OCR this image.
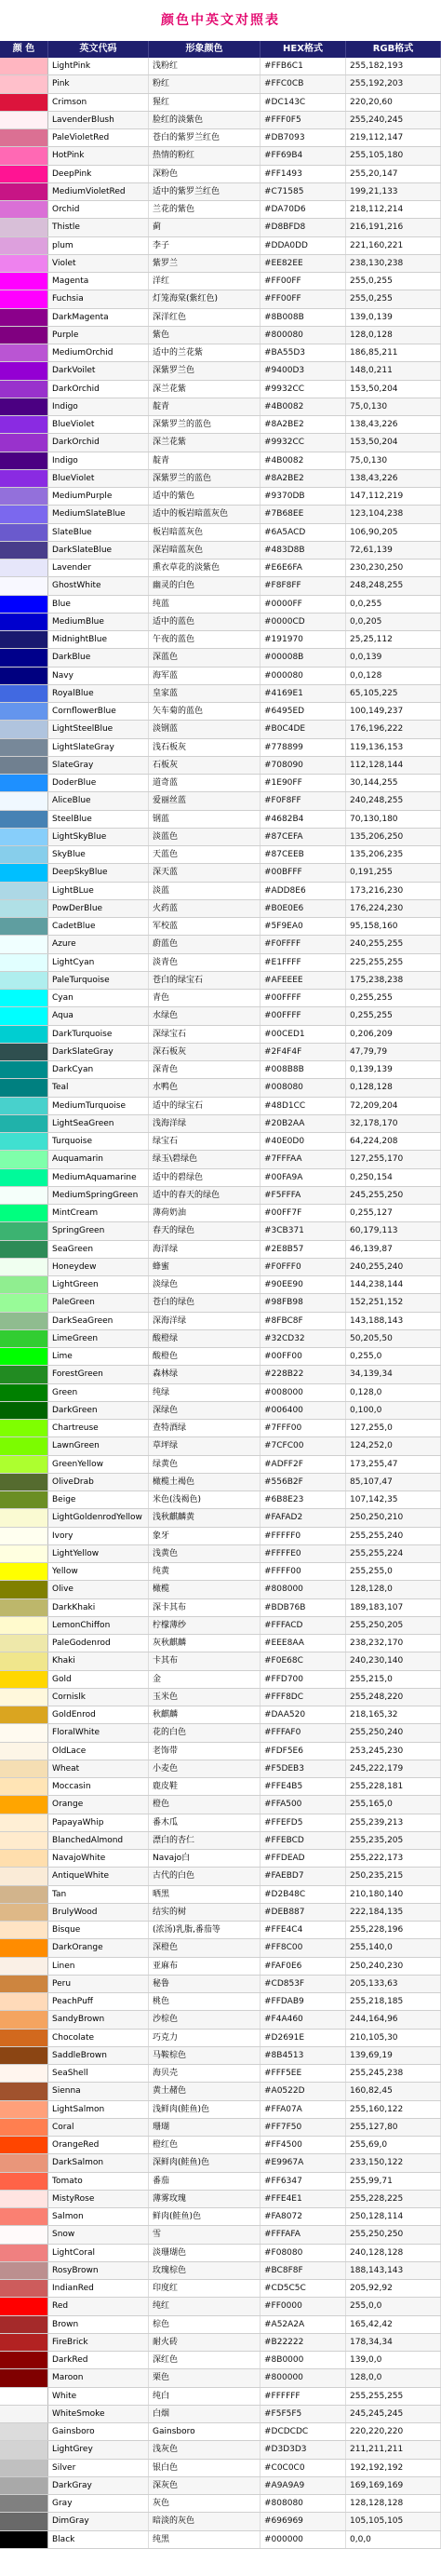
颜色中英文对照表
颜 色	英文代码	形象颜色	HEX格式	RGB格式
LightPink	浅粉红	#FFB6C1	255,182,193
Pink	粉红	#FFC0CB	255,192,203
Crimson	猩红	#DC143C	220,20,60
LavenderBlush	脸红的淡紫色	#FFF0F5	255,240,245
PaleVioletRed	苍白的紫罗兰红色	#DB7093	219,112,147
HotPink	热情的粉红	#FF69B4	255,105,180
DeepPink	深粉色	#FF1493	255,20,147
MediumVioletRed	适中的紫罗兰红色	#C71585	199,21,133
Orchid	兰花的紫色	#DA70D6	218,112,214
Thistle	蓟	#D8BFD8	216,191,216
plum	李子	#DDA0DD	221,160,221
Violet	紫罗兰	#EE82EE	238,130,238
Magenta	洋红	#FF00FF	255,0,255
Fuchsia	灯笼海棠(紫红色)	#FF00FF	255,0,255
DarkMagenta	深洋红色	#8B008B	139,0,139
Purple	紫色	#800080	128,0,128
MediumOrchid	适中的兰花紫	#BA55D3	186,85,211
DarkVoilet	深紫罗兰色	#9400D3	148,0,211
DarkOrchid	深兰花紫	#9932CC	153,50,204
Indigo	靛青	#4B0082	75,0,130
BlueViolet	深紫罗兰的蓝色	#8A2BE2	138,43,226
DarkOrchid	深兰花紫	#9932CC	153,50,204
Indigo	靛青	#4B0082	75,0,130
BlueViolet	深紫罗兰的蓝色	#8A2BE2	138,43,226
MediumPurple	适中的紫色	#9370DB	147,112,219
MediumSlateBlue	适中的板岩暗蓝灰色	#7B68EE	123,104,238
SlateBlue	板岩暗蓝灰色	#6A5ACD	106,90,205
DarkSlateBlue	深岩暗蓝灰色	#483D8B	72,61,139
Lavender	熏衣草花的淡紫色	#E6E6FA	230,230,250
GhostWhite	幽灵的白色	#F8F8FF	248,248,255
Blue	纯蓝	#0000FF	0,0,255
MediumBlue	适中的蓝色	#0000CD	0,0,205
MidnightBlue	午夜的蓝色	#191970	25,25,112
DarkBlue	深蓝色	#00008B	0,0,139
Navy	海军蓝	#000080	0,0,128
RoyalBlue	皇家蓝	#4169E1	65,105,225
CornflowerBlue	矢车菊的蓝色	#6495ED	100,149,237
LightSteelBlue	淡钢蓝	#B0C4DE	176,196,222
LightSlateGray	浅石板灰	#778899	119,136,153
SlateGray	石板灰	#708090	112,128,144
DoderBlue	道奇蓝	#1E90FF	30,144,255
AliceBlue	爱丽丝蓝	#F0F8FF	240,248,255
SteelBlue	钢蓝	#4682B4	70,130,180
LightSkyBlue	淡蓝色	#87CEFA	135,206,250
SkyBlue	天蓝色	#87CEEB	135,206,235
DeepSkyBlue	深天蓝	#00BFFF	0,191,255
LightBLue	淡蓝	#ADD8E6	173,216,230
PowDerBlue	火药蓝	#B0E0E6	176,224,230
CadetBlue	军校蓝	#5F9EA0	95,158,160
Azure	蔚蓝色	#F0FFFF	240,255,255
LightCyan	淡青色	#E1FFFF	225,255,255
PaleTurquoise	苍白的绿宝石	#AFEEEE	175,238,238
Cyan	青色	#00FFFF	0,255,255
Aqua	水绿色	#00FFFF	0,255,255
DarkTurquoise	深绿宝石	#00CED1	0,206,209
DarkSlateGray	深石板灰	#2F4F4F	47,79,79
DarkCyan	深青色	#008B8B	0,139,139
Teal	水鸭色	#008080	0,128,128
MediumTurquoise	适中的绿宝石	#48D1CC	72,209,204
LightSeaGreen	浅海洋绿	#20B2AA	32,178,170
Turquoise	绿宝石	#40E0D0	64,224,208
Auquamarin	绿玉\碧绿色	#7FFFAA	127,255,170
MediumAquamarine	适中的碧绿色	#00FA9A	0,250,154
MediumSpringGreen	适中的春天的绿色	#F5FFFA	245,255,250
MintCream	薄荷奶油	#00FF7F	0,255,127
SpringGreen	春天的绿色	#3CB371	60,179,113
SeaGreen	海洋绿	#2E8B57	46,139,87
Honeydew	蜂蜜	#F0FFF0	240,255,240
LightGreen	淡绿色	#90EE90	144,238,144
PaleGreen	苍白的绿色	#98FB98	152,251,152
DarkSeaGreen	深海洋绿	#8FBC8F	143,188,143
LimeGreen	酸橙绿	#32CD32	50,205,50
Lime	酸橙色	#00FF00	0,255,0
ForestGreen	森林绿	#228B22	34,139,34
Green	纯绿	#008000	0,128,0
DarkGreen	深绿色	#006400	0,100,0
Chartreuse	查特酒绿	#7FFF00	127,255,0
LawnGreen	草坪绿	#7CFC00	124,252,0
GreenYellow	绿黄色	#ADFF2F	173,255,47
OliveDrab	橄榄土褐色	#556B2F	85,107,47
Beige	米色(浅褐色)	#6B8E23	107,142,35
LightGoldenrodYellow	浅秋麒麟黄	#FAFAD2	250,250,210
Ivory	象牙	#FFFFF0	255,255,240
LightYellow	浅黄色	#FFFFE0	255,255,224
Yellow	纯黄	#FFFF00	255,255,0
Olive	橄榄	#808000	128,128,0
DarkKhaki	深卡其布	#BDB76B	189,183,107
LemonChiffon	柠檬薄纱	#FFFACD	255,250,205
PaleGodenrod	灰秋麒麟	#EEE8AA	238,232,170
Khaki	卡其布	#F0E68C	240,230,140
Gold	金	#FFD700	255,215,0
Cornislk	玉米色	#FFF8DC	255,248,220
GoldEnrod	秋麒麟	#DAA520	218,165,32
FloralWhite	花的白色	#FFFAF0	255,250,240
OldLace	老饰带	#FDF5E6	253,245,230
Wheat	小麦色	#F5DEB3	245,222,179
Moccasin	鹿皮鞋	#FFE4B5	255,228,181
Orange	橙色	#FFA500	255,165,0
PapayaWhip	番木瓜	#FFEFD5	255,239,213
BlanchedAlmond	漂白的杏仁	#FFEBCD	255,235,205
NavajoWhite	Navajo白	#FFDEAD	255,222,173
AntiqueWhite	古代的白色	#FAEBD7	250,235,215
Tan	晒黑	#D2B48C	210,180,140
BrulyWood	结实的树	#DEB887	222,184,135
Bisque	(浓汤)乳脂,番茄等	#FFE4C4	255,228,196
DarkOrange	深橙色	#FF8C00	255,140,0
Linen	亚麻布	#FAF0E6	250,240,230
Peru	秘鲁	#CD853F	205,133,63
PeachPuff	桃色	#FFDAB9	255,218,185
SandyBrown	沙棕色	#F4A460	244,164,96
Chocolate	巧克力	#D2691E	210,105,30
SaddleBrown	马鞍棕色	#8B4513	139,69,19
SeaShell	海贝壳	#FFF5EE	255,245,238
Sienna	黄土赭色	#A0522D	160,82,45
LightSalmon	浅鲜肉(鲑鱼)色	#FFA07A	255,160,122
Coral	珊瑚	#FF7F50	255,127,80
OrangeRed	橙红色	#FF4500	255,69,0
DarkSalmon	深鲜肉(鲑鱼)色	#E9967A	233,150,122
Tomato	番茄	#FF6347	255,99,71
MistyRose	薄雾玫瑰	#FFE4E1	255,228,225
Salmon	鲜肉(鲑鱼)色	#FA8072	250,128,114
Snow	雪	#FFFAFA	255,250,250
LightCoral	淡珊瑚色	#F08080	240,128,128
RosyBrown	玫瑰棕色	#BC8F8F	188,143,143
IndianRed	印度红	#CD5C5C	205,92,92
Red	纯红	#FF0000	255,0,0
Brown	棕色	#A52A2A	165,42,42
FireBrick	耐火砖	#B22222	178,34,34
DarkRed	深红色	#8B0000	139,0,0
Maroon	栗色	#800000	128,0,0
White	纯白	#FFFFFF	255,255,255
WhiteSmoke	白烟	#F5F5F5	245,245,245
Gainsboro	Gainsboro	#DCDCDC	220,220,220
LightGrey	浅灰色	#D3D3D3	211,211,211
Silver	银白色	#C0C0C0	192,192,192
DarkGray	深灰色	#A9A9A9	169,169,169
Gray	灰色	#808080	128,128,128
DimGray	暗淡的灰色	#696969	105,105,105
Black	纯黑	#000000	0,0,0
